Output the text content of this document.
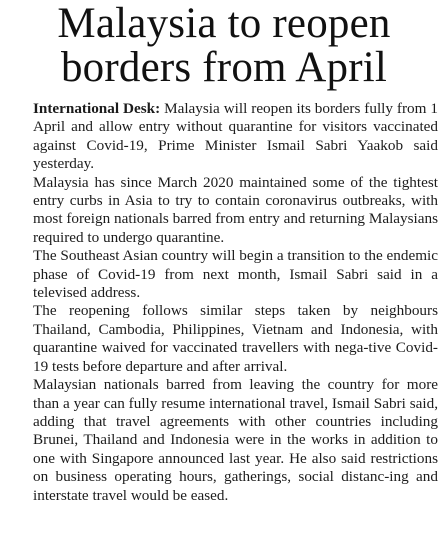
Malaysia to reopen
borders from April

International Desk: Malaysia will reopen its borders fully from 1 April and allow entry without quarantine for visitors vaccinated against Covid-19, Prime Minister Ismail Sabri Yaakob said yesterday.

Malaysia has since March 2020 maintained some of the tightest entry curbs in Asia to try to contain coronavirus outbreaks, with most foreign nationals barred from entry and returning Malaysians required to undergo quarantine.

The Southeast Asian country will begin a transition to the endemic phase of Covid-19 from next month, Ismail Sabri said in a televised address.

The reopening follows similar steps taken by neighbours Thailand, Cambodia, Philippines, Vietnam and Indonesia, with quarantine waived for vaccinated travellers with nega-tive Covid-19 tests before departure and after arrival.

Malaysian nationals barred from leaving the country for more than a year can fully resume international travel, Ismail Sabri said, adding that travel agreements with other countries including Brunei, Thailand and Indonesia were in the works in addition to one with Singapore announced last year. He also said restrictions on business operating hours, gatherings, social distanc-ing and interstate travel would be eased.
